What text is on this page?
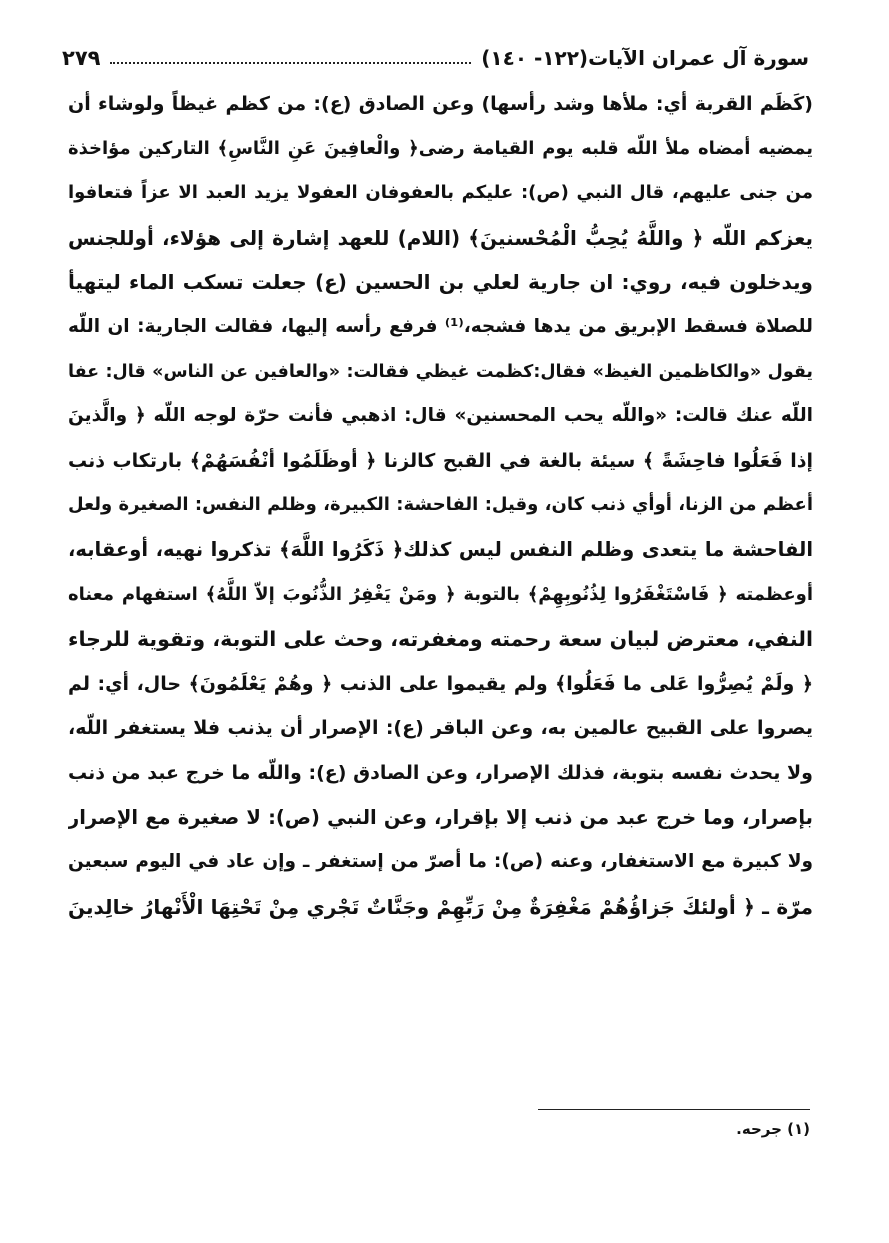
سورة آل عمران الآيات(١٢٢- ١٤٠)
٢٧٩
(كَظَم القربة أي: ملأها وشد رأسها) وعن الصادق (ع): من كظم غيظاً ولوشاء أن
يمضيه أمضاه ملأ اللّه قلبه يوم القيامة رضى﴿ والْعافِينَ عَنِ النَّاسِ﴾ التاركين مؤاخذة
من جنى عليهم، قال النبي (ص): عليكم بالعفوفان العفولا يزيد العبد الا عزاً فتعافوا
يعزكم اللّه ﴿ واللَّهُ يُحِبُّ الْمُحْسنينَ﴾ (اللام) للعهد إشارة إلى هؤلاء، أوللجنس
ويدخلون فيه، روي: ان جارية لعلي بن الحسين (ع) جعلت تسكب الماء ليتهيأ
للصلاة فسقط الإبريق من يدها فشجه،⁽¹⁾ فرفع رأسه إليها، فقالت الجارية: ان اللّه
يقول «والكاظمين الغيظ» فقال:كظمت غيظي فقالت: «والعافين عن الناس» قال: عفا
اللّه عنك قالت: «واللّه يحب المحسنين» قال: اذهبي فأنت حرّة لوجه اللّه ﴿ والَّذينَ
إذا فَعَلُوا فاحِشَةً ﴾ سيئة بالغة في القبح كالزنا ﴿ أوظَلَمُوا أنْفُسَهُمْ﴾ بارتكاب ذنب
أعظم من الزنا، أوأي ذنب كان، وقيل: الفاحشة: الكبيرة، وظلم النفس: الصغيرة ولعل
الفاحشة ما يتعدى وظلم النفس ليس كذلك﴿ ذَكَرُوا اللَّهَ﴾ تذكروا نهيه، أوعقابه،
أوعظمته ﴿ فَاسْتَغْفَرُوا لِذُنُوبِهِمْ﴾ بالتوبة ﴿ ومَنْ يَغْفِرُ الذُّنُوبَ إلاّ اللَّهُ﴾ استفهام معناه
النفي، معترض لبيان سعة رحمته ومغفرته، وحث على التوبة، وتقوية للرجاء
﴿ ولَمْ يُصِرُّوا عَلى ما فَعَلُوا﴾ ولم يقيموا على الذنب ﴿ وهُمْ يَعْلَمُونَ﴾ حال، أي: لم
يصروا على القبيح عالمين به، وعن الباقر (ع): الإصرار أن يذنب فلا يستغفر اللّه،
ولا يحدث نفسه بتوبة، فذلك الإصرار، وعن الصادق (ع): واللّه ما خرج عبد من ذنب
بإصرار، وما خرج عبد من ذنب إلا بإقرار، وعن النبي (ص): لا صغيرة مع الإصرار
ولا كبيرة مع الاستغفار، وعنه (ص): ما أصرّ من إستغفر ـ وإن عاد في اليوم سبعين
مرّة ـ ﴿ أولئكَ جَزاؤُهُمْ مَغْفِرَةٌ مِنْ رَبِّهِمْ وجَنَّاتٌ تَجْري مِنْ تَحْتِهَا الْأَنْهارُ خالِدينَ
(١) جرحه.
